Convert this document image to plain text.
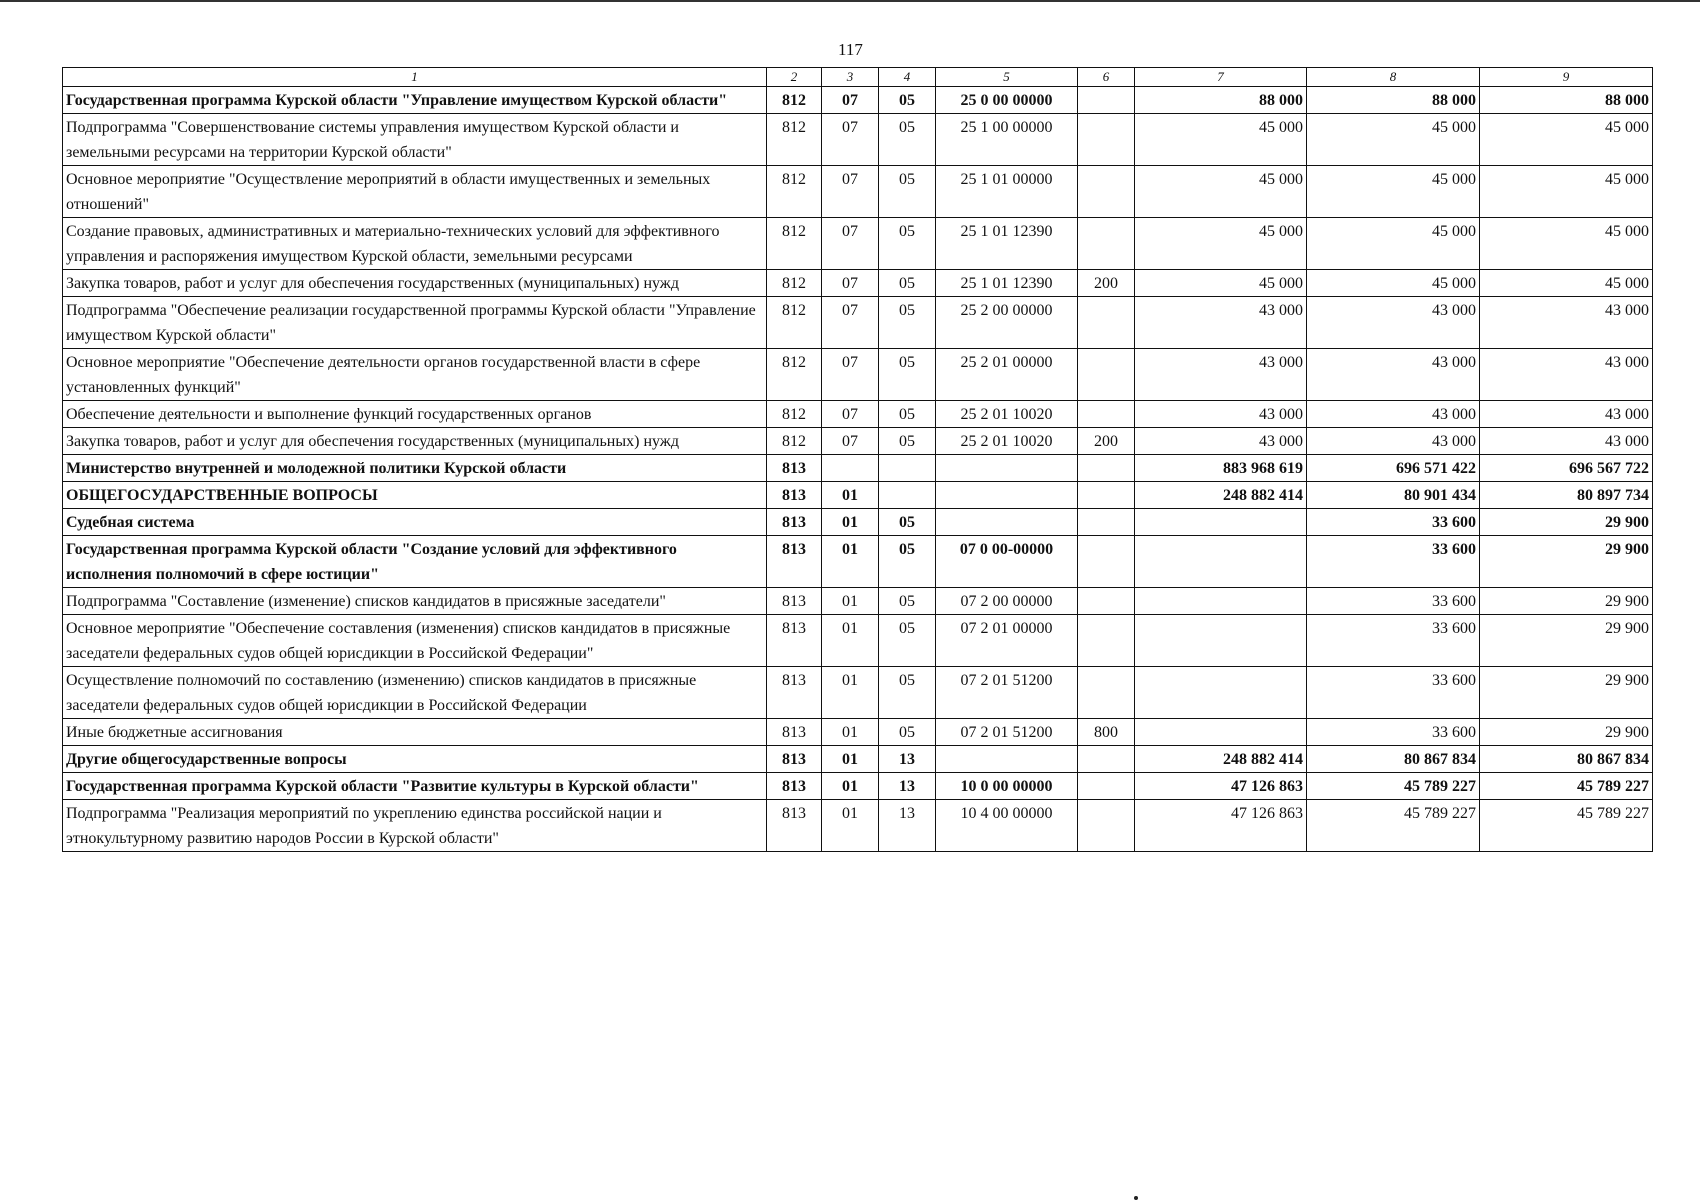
117
1	2	3	4	5	6	7	8	9
Государственная программа Курской области "Управление имуществом Курской области"	812	07	05	25 0 00 00000		88 000	88 000	88 000
Подпрограмма "Совершенствование системы управления имуществом Курской области и земельными ресурсами на территории Курской области"	812	07	05	25 1 00 00000		45 000	45 000	45 000
Основное мероприятие "Осуществление мероприятий в области имущественных и земельных отношений"	812	07	05	25 1 01 00000		45 000	45 000	45 000
Создание правовых, административных и материально-технических условий для эффективного управления и распоряжения имуществом Курской области, земельными ресурсами	812	07	05	25 1 01 12390		45 000	45 000	45 000
Закупка товаров, работ и услуг для обеспечения государственных (муниципальных) нужд	812	07	05	25 1 01 12390	200	45 000	45 000	45 000
Подпрограмма "Обеспечение реализации государственной программы Курской области "Управление имуществом Курской области"	812	07	05	25 2 00 00000		43 000	43 000	43 000
Основное мероприятие "Обеспечение деятельности органов государственной власти в сфере установленных функций"	812	07	05	25 2 01 00000		43 000	43 000	43 000
Обеспечение деятельности и выполнение функций государственных органов	812	07	05	25 2 01 10020		43 000	43 000	43 000
Закупка товаров, работ и услуг для обеспечения государственных (муниципальных) нужд	812	07	05	25 2 01 10020	200	43 000	43 000	43 000
Министерство внутренней и молодежной политики Курской области	813					883 968 619	696 571 422	696 567 722
ОБЩЕГОСУДАРСТВЕННЫЕ ВОПРОСЫ	813	01				248 882 414	80 901 434	80 897 734
Судебная система	813	01	05				33 600	29 900
Государственная программа Курской области "Создание условий для эффективного исполнения полномочий в сфере юстиции"	813	01	05	07 0 00-00000			33 600	29 900
Подпрограмма "Составление (изменение) списков кандидатов в присяжные заседатели"	813	01	05	07 2 00 00000			33 600	29 900
Основное мероприятие "Обеспечение составления (изменения) списков кандидатов в присяжные заседатели федеральных судов общей юрисдикции в Российской Федерации"	813	01	05	07 2 01 00000			33 600	29 900
Осуществление полномочий по составлению (изменению) списков кандидатов в присяжные заседатели федеральных судов общей юрисдикции в Российской Федерации	813	01	05	07 2 01 51200			33 600	29 900
Иные бюджетные ассигнования	813	01	05	07 2 01 51200	800		33 600	29 900
Другие общегосударственные вопросы	813	01	13			248 882 414	80 867 834	80 867 834
Государственная программа Курской области "Развитие культуры в Курской области"	813	01	13	10 0 00 00000		47 126 863	45 789 227	45 789 227
Подпрограмма "Реализация мероприятий по укреплению единства российской нации и этнокультурному развитию народов России в Курской области"	813	01	13	10 4 00 00000		47 126 863	45 789 227	45 789 227
